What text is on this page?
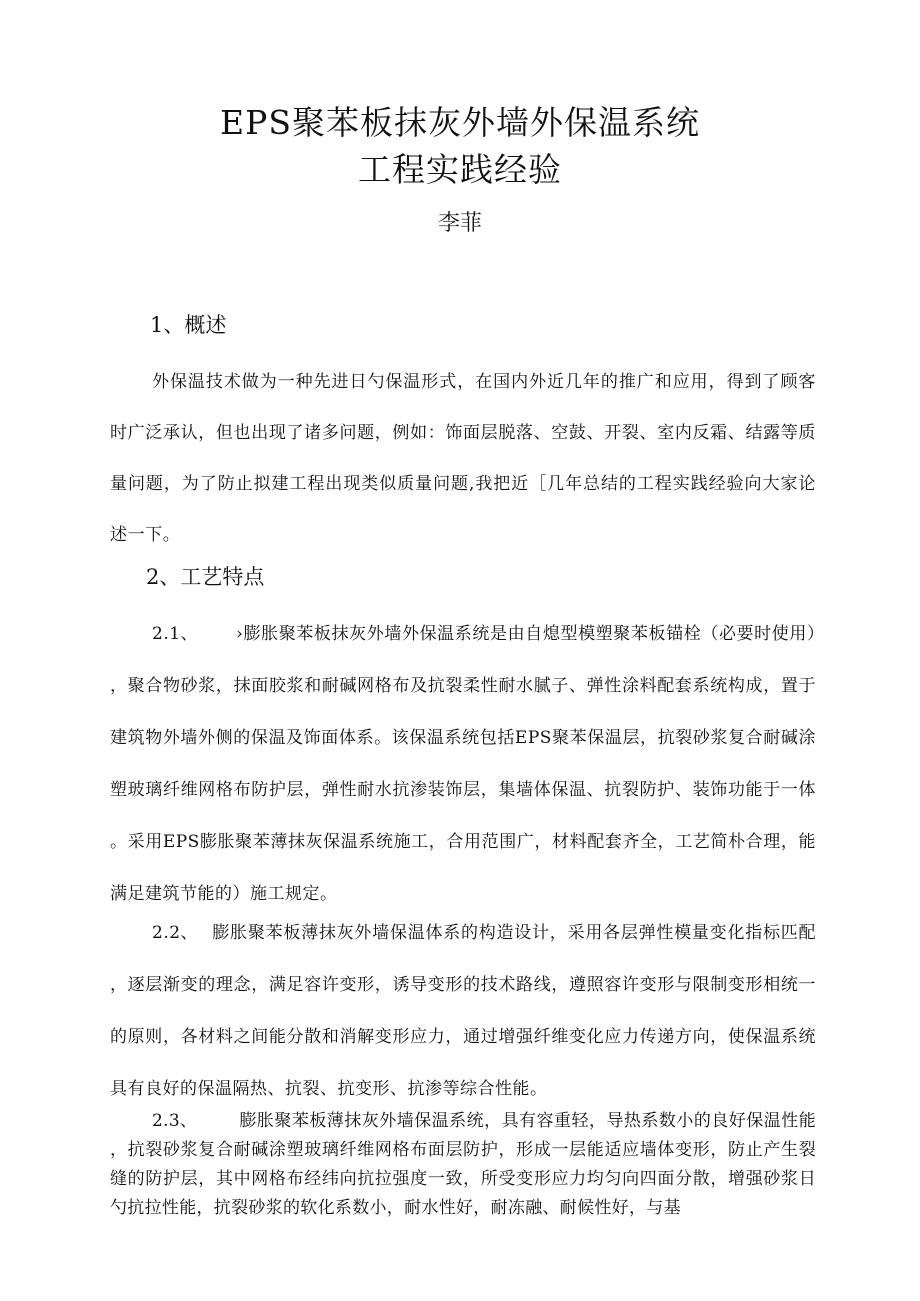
EPS聚苯板抹灰外墙外保温系统
工程实践经验
李菲
1、概述

外保温技术做为一种先进日勺保温形式，在国内外近几年的推广和应用，得到了顾客时广泛承认，但也出现了诸多问题，例如：饰面层脱落、空鼓、开裂、室内反霜、结露等质量问题，为了防止拟建工程出现类似质量问题,我把近［几年总结的工程实践经验向大家论述一下。

2、工艺特点

2.1、 ›膨胀聚苯板抹灰外墙外保温系统是由自熄型模塑聚苯板锚栓（必要时使用），聚合物砂浆，抹面胶浆和耐碱网格布及抗裂柔性耐水腻子、弹性涂料配套系统构成，置于建筑物外墙外侧的保温及饰面体系。该保温系统包括EPS聚苯保温层，抗裂砂浆复合耐碱涂塑玻璃纤维网格布防护层，弹性耐水抗渗装饰层，集墙体保温、抗裂防护、装饰功能于一体。采用EPS膨胀聚苯薄抹灰保温系统施工，合用范围广，材料配套齐全，工艺简朴合理，能满足建筑节能的）施工规定。

2.2、 膨胀聚苯板薄抹灰外墙保温体系的构造设计，采用各层弹性模量变化指标匹配，逐层渐变的理念，满足容许变形，诱导变形的技术路线，遵照容许变形与限制变形相统一的原则，各材料之间能分散和消解变形应力，通过增强纤维变化应力传递方向，使保温系统具有良好的保温隔热、抗裂、抗变形、抗渗等综合性能。

2.3、 膨胀聚苯板薄抹灰外墙保温系统，具有容重轻，导热系数小的良好保温性能，抗裂砂浆复合耐碱涂塑玻璃纤维网格布面层防护，形成一层能适应墙体变形，防止产生裂缝的防护层，其中网格布经纬向抗拉强度一致，所受变形应力均匀向四面分散，增强砂浆日勺抗拉性能，抗裂砂浆的软化系数小，耐水性好，耐冻融、耐候性好，与基
